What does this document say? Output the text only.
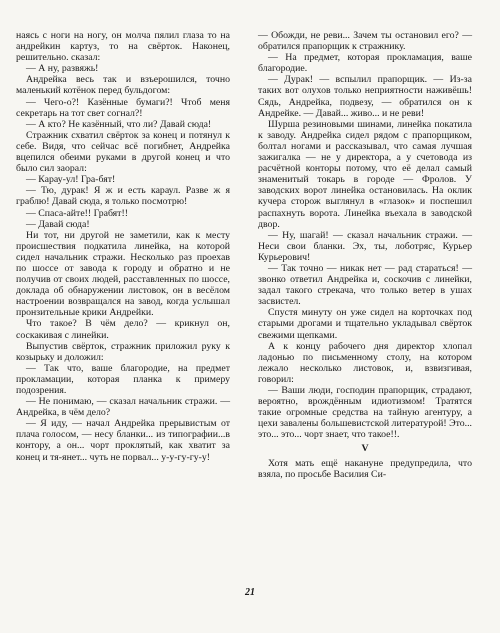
наясь с ноги на ногу, он молча пялил глаза то на андрейкин картуз, то на свёрток. Наконец, решительно. сказал:

— А ну, развяжь!

Андрейка весь так и взъерошился, точно маленький котёнок перед бульдогом:

— Чего-о?! Казённые бумаги?! Чтоб меня секретарь на тот свет согнал?!

— А кто? Не казённый, что ли? Давай сюда!

Стражник схватил свёрток за конец и потянул к себе. Видя, что сейчас всё погибнет, Андрейка вцепился обеими руками в другой конец и что было сил заорал:

— Карау-ул! Гра-бят!

— Тю, дурак! Я ж и есть караул. Разве ж я граблю! Давай сюда, я только посмотрю!

— Спаса-айте!! Грабят!!

— Давай сюда!

Ни тот, ни другой не заметили, как к месту происшествия подкатила линейка, на которой сидел начальник стражи. Несколько раз проехав по шоссе от завода к городу и обратно и не получив от своих людей, расставленных по шоссе, доклада об обнаружении листовок, он в весёлом настроении возвращался на завод, когда услышал пронзительные крики Андрейки.

Что такое? В чём дело? — крикнул он, соскакивая с линейки.

Выпустив свёрток, стражник приложил руку к козырьку и доложил:

— Так что, ваше благородие, на предмет прокламации, которая планка к примеру подозрения.

— Не понимаю, — сказал начальник стражи. — Андрейка, в чём дело?

— Я иду, — начал Андрейка прерывистым от плача голосом, — несу бланки... из типографии...в контору, а он... чорт проклятый, как хватит за конец и тя-янет... чуть не порвал... у-у-гу-гу-у!

— Обожди, не реви... Зачем ты остановил его? — обратился прапорщик к стражнику.

— На предмет, которая прокламация, ваше благородие.

— Дурак! — вспылил прапорщик. — Из-за таких вот олухов только неприятности наживёшь! Сядь, Андрейка, подвезу, — обратился он к Андрейке. — Давай... живо... и не реви!

Шурша резиновыми шинами, линейка покатила к заводу. Андрейка сидел рядом с прапорщиком, болтал ногами и рассказывал, что самая лучшая зажигалка — не у директора, а у счетовода из расчётной конторы потому, что её делал самый знаменитый токарь в городе — Фролов. У заводских ворот линейка остановилась. На оклик кучера сторож выглянул в «глазок» и поспешил распахнуть ворота. Линейка въехала в заводской двор.

— Ну, шагай! — сказал начальник стражи. — Неси свои бланки. Эх, ты, лоботряс, Курьер Курьерович!

— Так точно — никак нет — рад стараться! — звонко ответил Андрейка и, соскочив с линейки, задал такого стрекача, что только ветер в ушах засвистел.

Спустя минуту он уже сидел на корточках под старыми дрогами и тщательно укладывал свёрток свежими щепками.

А к концу рабочего дня директор хлопал ладонью по письменному столу, на котором лежало несколько листовок, и, взвизгивая, говорил:

— Ваши люди, господин прапорщик, страдают, вероятно, врождённым идиотизмом! Тратятся такие огромные средства на тайную агентуру, а цехи завалены большевистской литературой! Это... это... это... чорт знает, что такое!!.

V

Хотя мать ещё накануне предупредила, что взяла, по просьбе Василия Си-

21
